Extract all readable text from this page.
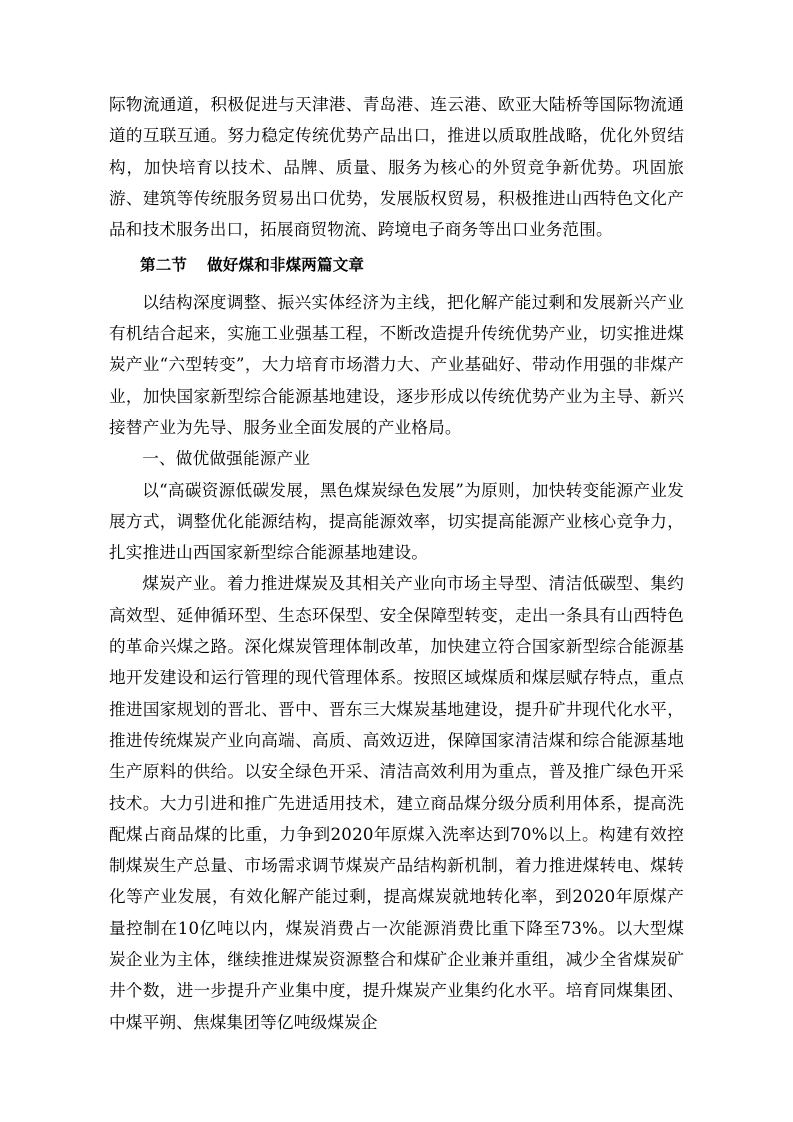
际物流通道，积极促进与天津港、青岛港、连云港、欧亚大陆桥等国际物流通道的互联互通。努力稳定传统优势产品出口，推进以质取胜战略，优化外贸结构，加快培育以技术、品牌、质量、服务为核心的外贸竞争新优势。巩固旅游、建筑等传统服务贸易出口优势，发展版权贸易，积极推进山西特色文化产品和技术服务出口，拓展商贸物流、跨境电子商务等出口业务范围。

第二节 做好煤和非煤两篇文章

以结构深度调整、振兴实体经济为主线，把化解产能过剩和发展新兴产业有机结合起来，实施工业强基工程，不断改造提升传统优势产业，切实推进煤炭产业“六型转变”，大力培育市场潜力大、产业基础好、带动作用强的非煤产业，加快国家新型综合能源基地建设，逐步形成以传统优势产业为主导、新兴接替产业为先导、服务业全面发展的产业格局。

一、做优做强能源产业

以“高碳资源低碳发展，黑色煤炭绿色发展”为原则，加快转变能源产业发展方式，调整优化能源结构，提高能源效率，切实提高能源产业核心竞争力，扎实推进山西国家新型综合能源基地建设。

煤炭产业。着力推进煤炭及其相关产业向市场主导型、清洁低碳型、集约高效型、延伸循环型、生态环保型、安全保障型转变，走出一条具有山西特色的革命兴煤之路。深化煤炭管理体制改革，加快建立符合国家新型综合能源基地开发建设和运行管理的现代管理体系。按照区域煤质和煤层赋存特点，重点推进国家规划的晋北、晋中、晋东三大煤炭基地建设，提升矿井现代化水平，推进传统煤炭产业向高端、高质、高效迈进，保障国家清洁煤和综合能源基地生产原料的供给。以安全绿色开采、清洁高效利用为重点，普及推广绿色开采技术。大力引进和推广先进适用技术，建立商品煤分级分质利用体系，提高洗配煤占商品煤的比重，力争到2020年原煤入洗率达到70%以上。构建有效控制煤炭生产总量、市场需求调节煤炭产品结构新机制，着力推进煤转电、煤转化等产业发展，有效化解产能过剩，提高煤炭就地转化率，到2020年原煤产量控制在10亿吨以内，煤炭消费占一次能源消费比重下降至73%。以大型煤炭企业为主体，继续推进煤炭资源整合和煤矿企业兼并重组，减少全省煤炭矿井个数，进一步提升产业集中度，提升煤炭产业集约化水平。培育同煤集团、中煤平朔、焦煤集团等亿吨级煤炭企
